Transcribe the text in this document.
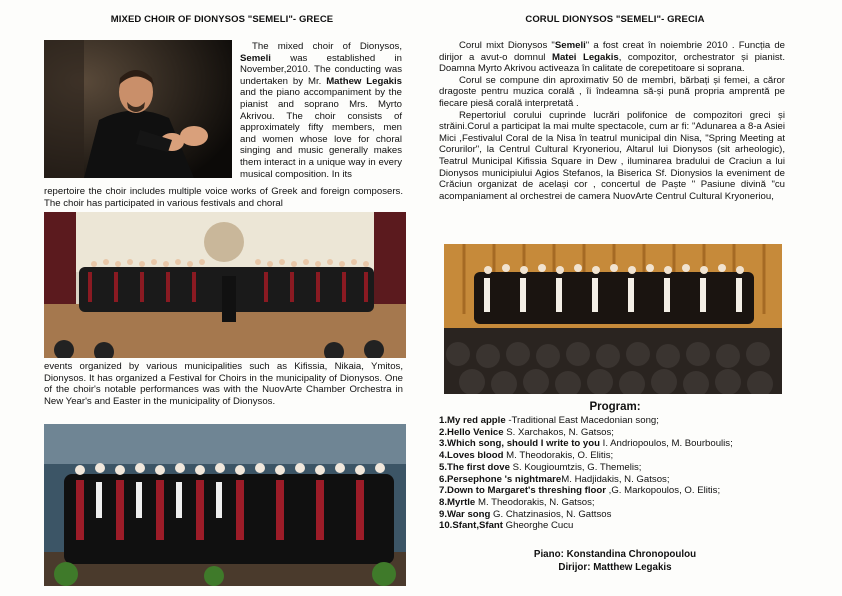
MIXED CHOIR OF DIONYSOS "SEMELI"- GRECE

The mixed choir of Dionysos, Semeli was established in November,2010. The conducting was undertaken by Mr. Mathew Legakis and the piano accompaniment by the pianist and soprano Mrs. Myrto Akrivou. The choir consists of approximately fifty members, men and women whose love for choral singing and music generally makes them interact in a unique way in every musical composition. In its

repertoire the choir includes multiple voice works of Greek and foreign composers. The choir has participated in various festivals and choral

events organized by various municipalities such as Kifissia, Nikaia, Ymitos, Dionysos. It has organized a Festival for Choirs in the municipality of Dionysos. One of the choir's notable performances was with the NuovArte Chamber Orchestra in New Year's and Easter in the municipality of Dionysos.

CORUL DIONYSOS "SEMELI"- GRECIA

Corul mixt Dionysos "Semeli" a fost creat în noiembrie 2010 . Funcția de dirijor a avut-o domnul Matei Legakis, compozitor, orchestrator și pianist. Doamna Myrto Akrivou activeaza în calitate de corepetitoare si soprana.

Corul se compune din aproximativ 50 de membri, bărbați și femei, a căror dragoste pentru muzica corală , îi îndeamna să-și pună propria amprentă pe fiecare piesă corală interpretată .

Repertoriul corului cuprinde lucrări polifonice de compozitori greci și străini.Corul a participat la mai multe spectacole, cum ar fi: "Adunarea a 8-a Asiei Mici ,Festivalul Coral de la Nisa în teatrul municipal din Nisa, "Spring Meeting at Corurilor", la Centrul Cultural Kryoneriou, Altarul lui Dionysos (sit arheologic), Teatrul Municipal Kifissia Square in Dew , iluminarea bradului de Craciun a lui Dionysos municipiului Agios Stefanos, la Biserica Sf. Dionysios la eveniment de Crăciun organizat de același cor , concertul de Paște " Pasiune divină "cu acompaniament al orchestrei de camera NuovArte Centrul Cultural Kryoneriou,

Program:
1.My red apple -Traditional East Macedonian song;
2.Hello Venice S. Xarchakos, N. Gatsos;
3.Which song, should I write to you I. Andriopoulos, M. Bourboulis;
4.Loves blood M. Theodorakis, O. Elitis;
5.The first dove S. Kougioumtzis, G. Themelis;
6.Persephone 's nightmareM. Hadjidakis, N. Gatsos;
7.Down to Margaret's threshing floor ,G. Markopoulos, O. Elitis;
8.Myrtle M. Theodorakis, N. Gatsos;
9.War song G. Chatzinasios, N. Gattsos
10.Sfant,Sfant Gheorghe Cucu
Piano: Konstandina Chronopoulou
Dirijor: Matthew Legakis
